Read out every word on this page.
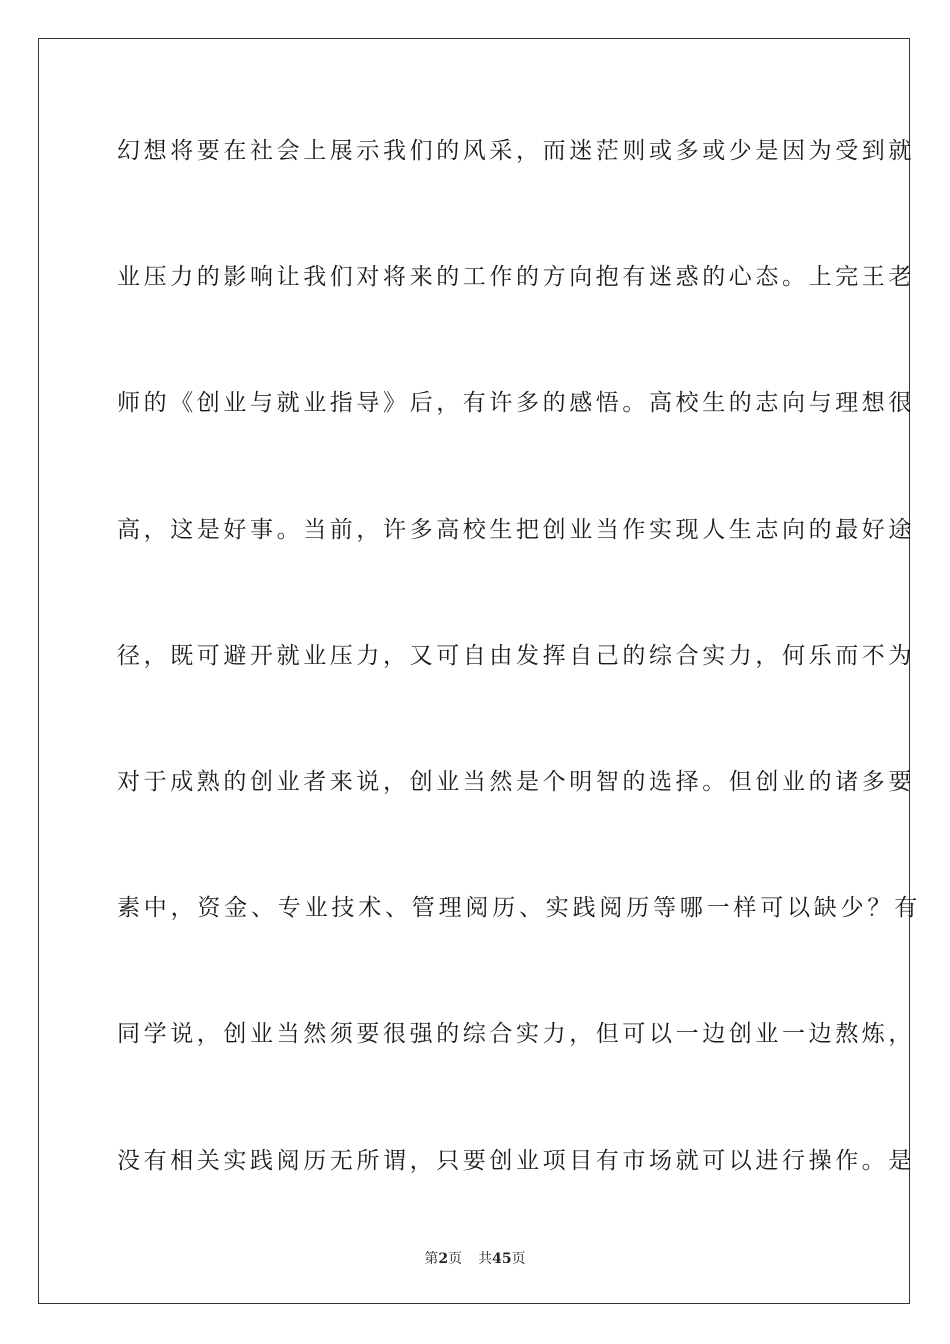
幻想将要在社会上展示我们的风采，而迷茫则或多或少是因为受到就
业压力的影响让我们对将来的工作的方向抱有迷惑的心态。上完王老
师的《创业与就业指导》后，有许多的感悟。高校生的志向与理想很
高，这是好事。当前，许多高校生把创业当作实现人生志向的最好途
径，既可避开就业压力，又可自由发挥自己的综合实力，何乐而不为
对于成熟的创业者来说，创业当然是个明智的选择。但创业的诸多要
素中，资金、专业技术、管理阅历、实践阅历等哪一样可以缺少？有
同学说，创业当然须要很强的综合实力，但可以一边创业一边熬炼，
没有相关实践阅历无所谓，只要创业项目有市场就可以进行操作。是
第2页 共45页
